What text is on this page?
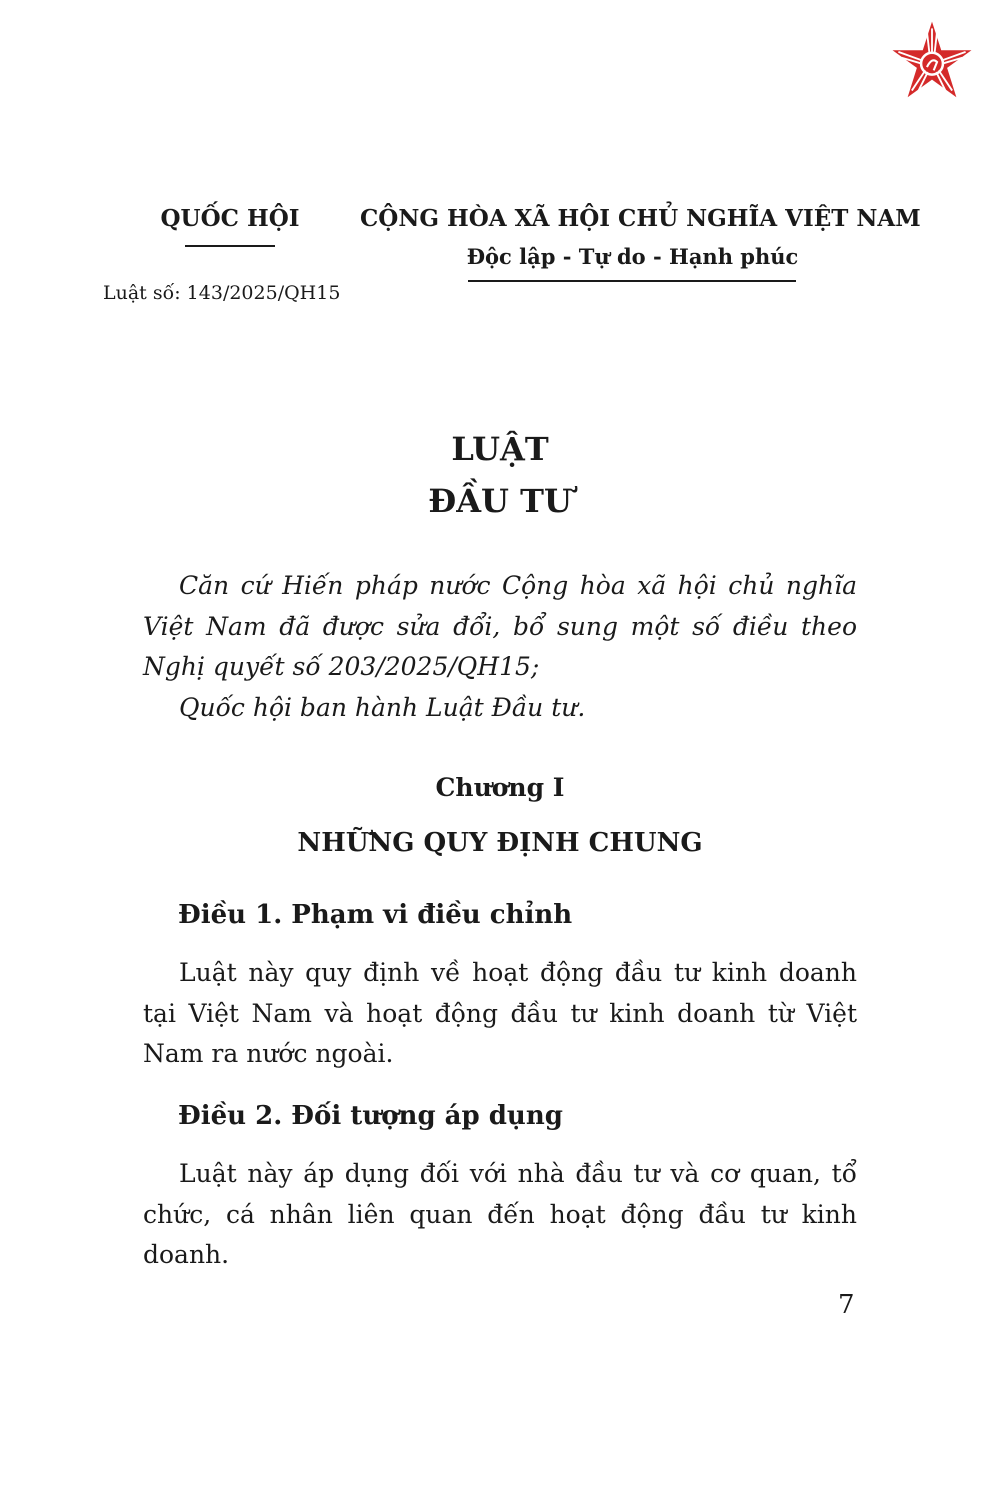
QUỐC HỘI
Luật số: 143/2025/QH15
CỘNG HÒA XÃ HỘI CHỦ NGHĨA VIỆT NAM
Độc lập - Tự do - Hạnh phúc
LUẬT
ĐẦU TƯ

Căn cứ Hiến pháp nước Cộng hòa xã hội chủ nghĩa Việt Nam đã được sửa đổi, bổ sung một số điều theo Nghị quyết số 203/2025/QH15;

Quốc hội ban hành Luật Đầu tư.

Chương I
NHỮNG QUY ĐỊNH CHUNG
Điều 1. Phạm vi điều chỉnh

Luật này quy định về hoạt động đầu tư kinh doanh tại Việt Nam và hoạt động đầu tư kinh doanh từ Việt Nam ra nước ngoài.

Điều 2. Đối tượng áp dụng

Luật này áp dụng đối với nhà đầu tư và cơ quan, tổ chức, cá nhân liên quan đến hoạt động đầu tư kinh doanh.

7
